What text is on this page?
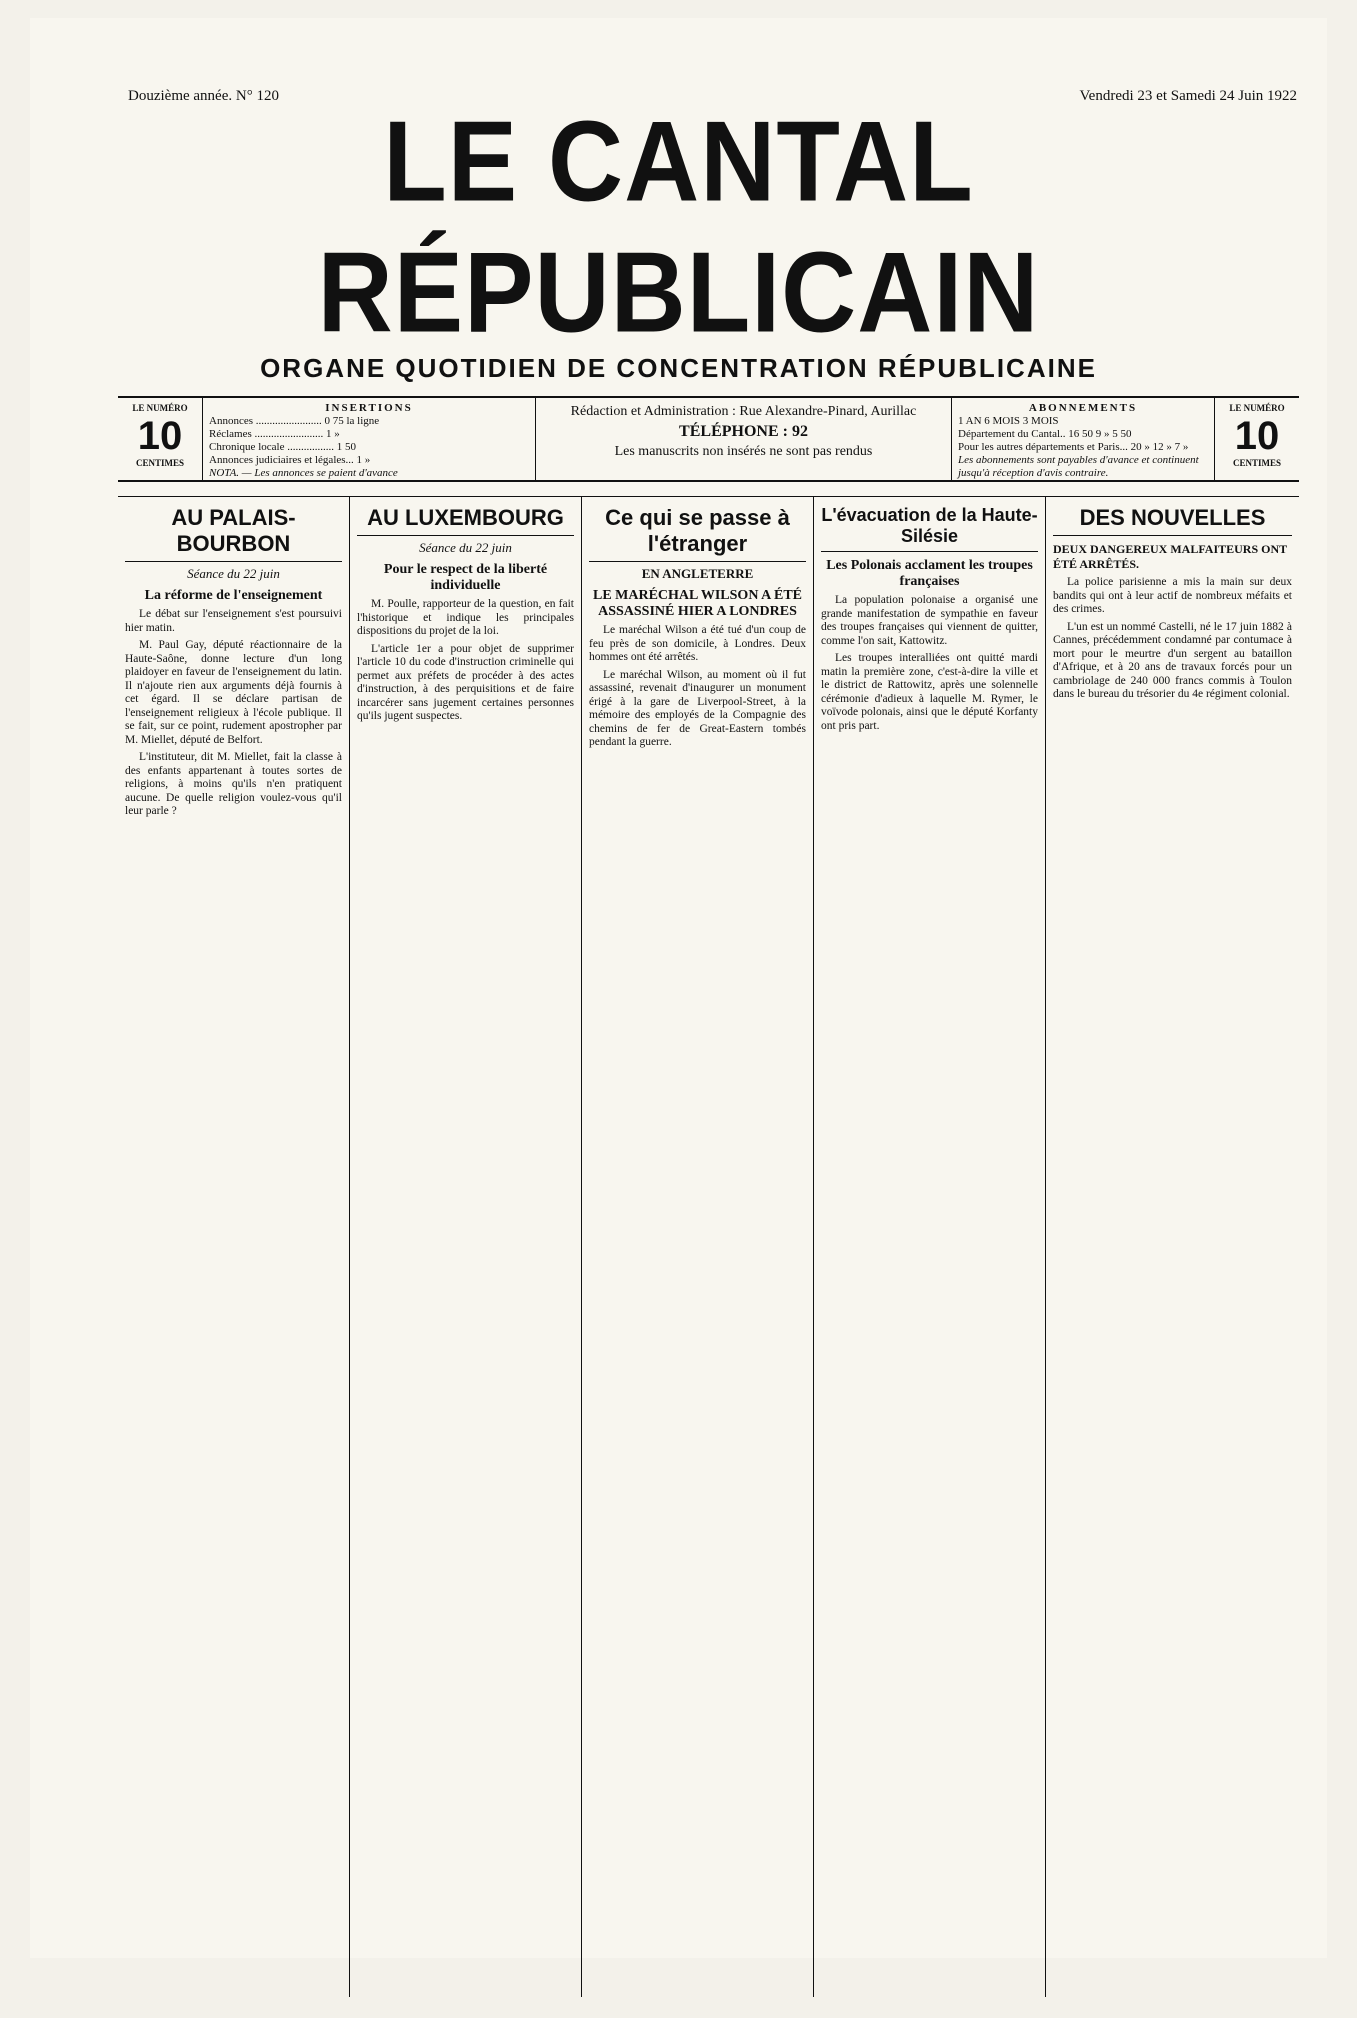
Douzième année. N° 120	Vendredi 23 et Samedi 24 Juin 1922
LE CANTAL RÉPUBLICAIN
ORGANE QUOTIDIEN DE CONCENTRATION RÉPUBLICAINE
LE NUMÉRO
10
CENTIMES
INSERTIONS
Annonces ........................ 0 75 la ligne
Réclames ......................... 1 »
Chronique locale ................. 1 50
Annonces judiciaires et légales... 1 »
NOTA. — Les annonces se paient d'avance
Rédaction et Administration : Rue Alexandre-Pinard, Aurillac
TÉLÉPHONE : 92
Les manuscrits non insérés ne sont pas rendus
ABONNEMENTS
1 AN 6 MOIS 3 MOIS
Département du Cantal.. 16 50 9 » 5 50
Pour les autres départements et Paris... 20 » 12 » 7 »
Les abonnements sont payables d'avance et continuent jusqu'à réception d'avis contraire.
LE NUMÉRO
10
CENTIMES
AU PALAIS-BOURBON
Séance du 22 juin
La réforme de l'enseignement

Le débat sur l'enseignement s'est poursuivi hier matin.

M. Paul Gay, député réactionnaire de la Haute-Saône, donne lecture d'un long plaidoyer en faveur de l'enseignement du latin. Il n'ajoute rien aux arguments déjà fournis à cet égard. Il se déclare partisan de l'enseignement religieux à l'école publique. Il se fait, sur ce point, rudement apostropher par M. Miellet, député de Belfort.

L'instituteur, dit M. Miellet, fait la classe à des enfants appartenant à toutes sortes de religions, à moins qu'ils n'en pratiquent aucune. De quelle religion voulez-vous qu'il leur parle ?

AU LUXEMBOURG
Séance du 22 juin
Pour le respect de la liberté individuelle

M. Poulle, rapporteur de la question, en fait l'historique et indique les principales dispositions du projet de la loi.

L'article 1er a pour objet de supprimer l'article 10 du code d'instruction criminelle qui permet aux préfets de procéder à des actes d'instruction, à des perquisitions et de faire incarcérer sans jugement certaines personnes qu'ils jugent suspectes.

Ce qui se passe à l'étranger
EN ANGLETERRE
LE MARÉCHAL WILSON A ÉTÉ ASSASSINÉ HIER A LONDRES

Le maréchal Wilson a été tué d'un coup de feu près de son domicile, à Londres. Deux hommes ont été arrêtés.

Le maréchal Wilson, au moment où il fut assassiné, revenait d'inaugurer un monument érigé à la gare de Liverpool-Street, à la mémoire des employés de la Compagnie des chemins de fer de Great-Eastern tombés pendant la guerre.

L'évacuation de la Haute-Silésie
Les Polonais acclament les troupes françaises

La population polonaise a organisé une grande manifestation de sympathie en faveur des troupes françaises qui viennent de quitter, comme l'on sait, Kattowitz.

Les troupes interalliées ont quitté mardi matin la première zone, c'est-à-dire la ville et le district de Rattowitz, après une solennelle cérémonie d'adieux à laquelle M. Rymer, le voïvode polonais, ainsi que le député Korfanty ont pris part.

DES NOUVELLES
DEUX DANGEREUX MALFAITEURS ONT ÉTÉ ARRÊTÉS.

La police parisienne a mis la main sur deux bandits qui ont à leur actif de nombreux méfaits et des crimes.

L'un est un nommé Castelli, né le 17 juin 1882 à Cannes, précédemment condamné par contumace à mort pour le meurtre d'un sergent au bataillon d'Afrique, et à 20 ans de travaux forcés pour un cambriolage de 240 000 francs commis à Toulon dans le bureau du trésorier du 4e régiment colonial.
